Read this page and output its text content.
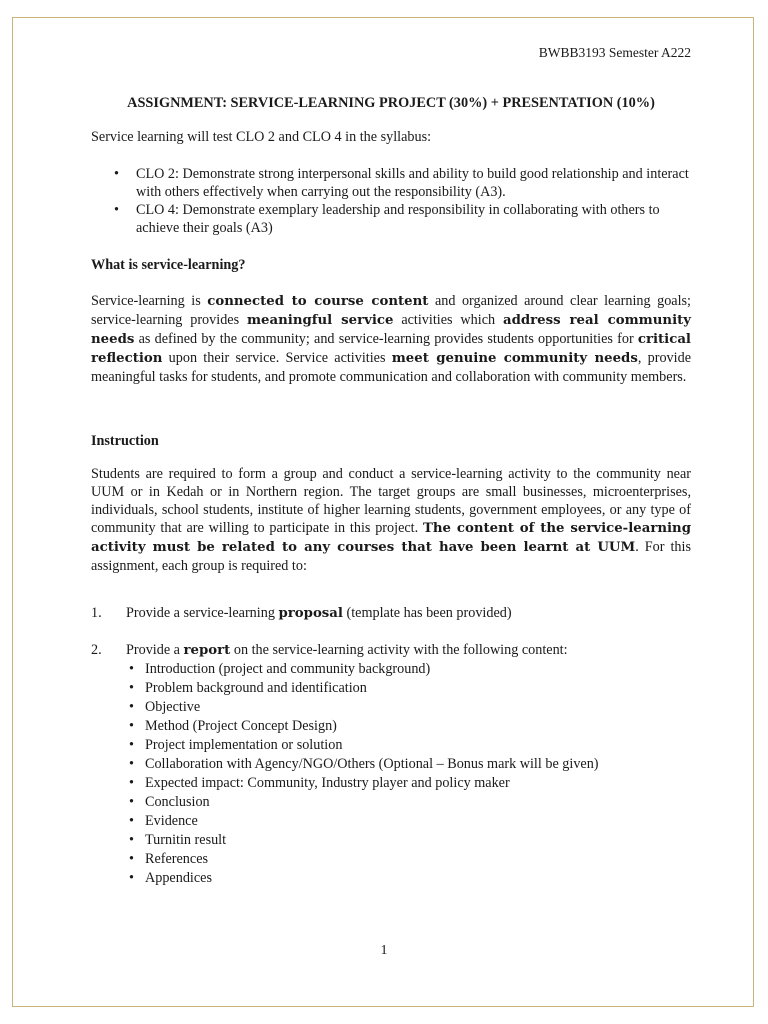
BWBB3193 Semester A222
ASSIGNMENT: SERVICE-LEARNING PROJECT (30%) + PRESENTATION (10%)
Service learning will test CLO 2 and CLO 4 in the syllabus:
• CLO 2: Demonstrate strong interpersonal skills and ability to build good relationship and interact with others effectively when carrying out the responsibility (A3).
• CLO 4: Demonstrate exemplary leadership and responsibility in collaborating with others to achieve their goals (A3)
What is service-learning?
Service-learning is connected to course content and organized around clear learning goals; service-learning provides meaningful service activities which address real community needs as defined by the community; and service-learning provides students opportunities for critical reflection upon their service. Service activities meet genuine community needs, provide meaningful tasks for students, and promote communication and collaboration with community members.
Instruction
Students are required to form a group and conduct a service-learning activity to the community near UUM or in Kedah or in Northern region. The target groups are small businesses, microenterprises, individuals, school students, institute of higher learning students, government employees, or any type of community that are willing to participate in this project. The content of the service-learning activity must be related to any courses that have been learnt at UUM. For this assignment, each group is required to:
1. Provide a service-learning proposal (template has been provided)
2. Provide a report on the service-learning activity with the following content:
• Introduction (project and community background)
• Problem background and identification
• Objective
• Method (Project Concept Design)
• Project implementation or solution
• Collaboration with Agency/NGO/Others (Optional – Bonus mark will be given)
• Expected impact: Community, Industry player and policy maker
• Conclusion
• Evidence
• Turnitin result
• References
• Appendices
1
